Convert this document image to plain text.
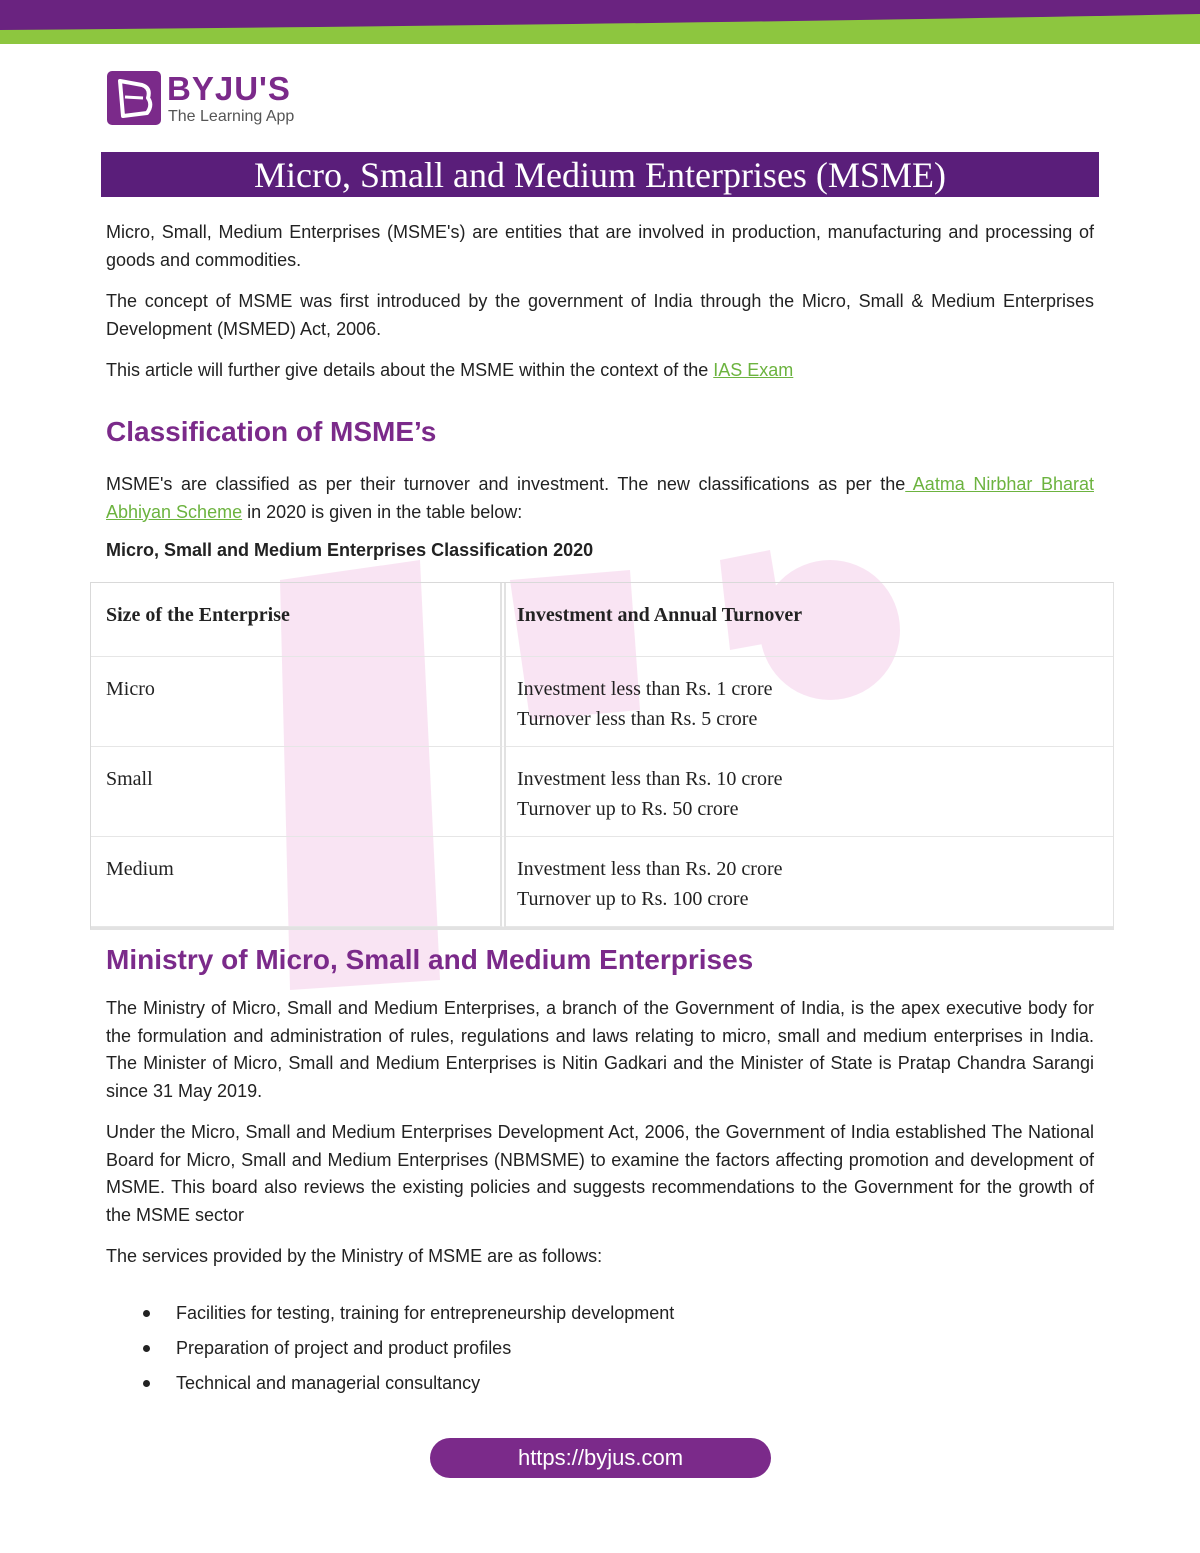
BYJU'S
The Learning App
Micro, Small and Medium Enterprises (MSME)

Micro, Small, Medium Enterprises (MSME's) are entities that are involved in production, manufacturing and processing of goods and commodities.

The concept of MSME was first introduced by the government of India through the Micro, Small & Medium Enterprises Development (MSMED) Act, 2006.

This article will further give details about the MSME within the context of the IAS Exam

Classification of MSME’s

MSME's are classified as per their turnover and investment. The new classifications as per the Aatma Nirbhar Bharat Abhiyan Scheme in 2020 is given in the table below:

Micro, Small and Medium Enterprises Classification 2020
Size of the Enterprise	Investment and Annual Turnover
Micro	Investment less than Rs. 1 crore
Turnover less than Rs. 5 crore

Small	Investment less than Rs. 10 crore
Turnover up to Rs. 50 crore

Medium	Investment less than Rs. 20 crore
Turnover up to Rs. 100 crore
Ministry of Micro, Small and Medium Enterprises

The Ministry of Micro, Small and Medium Enterprises, a branch of the Government of India, is the apex executive body for the formulation and administration of rules, regulations and laws relating to micro, small and medium enterprises in India. The Minister of Micro, Small and Medium Enterprises is Nitin Gadkari and the Minister of State is Pratap Chandra Sarangi since 31 May 2019.

Under the Micro, Small and Medium Enterprises Development Act, 2006, the Government of India established The National Board for Micro, Small and Medium Enterprises (NBMSME) to examine the factors affecting promotion and development of MSME. This board also reviews the existing policies and suggests recommendations to the Government for the growth of the MSME sector

The services provided by the Ministry of MSME are as follows:

Facilities for testing, training for entrepreneurship development
Preparation of project and product profiles
Technical and managerial consultancy
https://byjus.com
